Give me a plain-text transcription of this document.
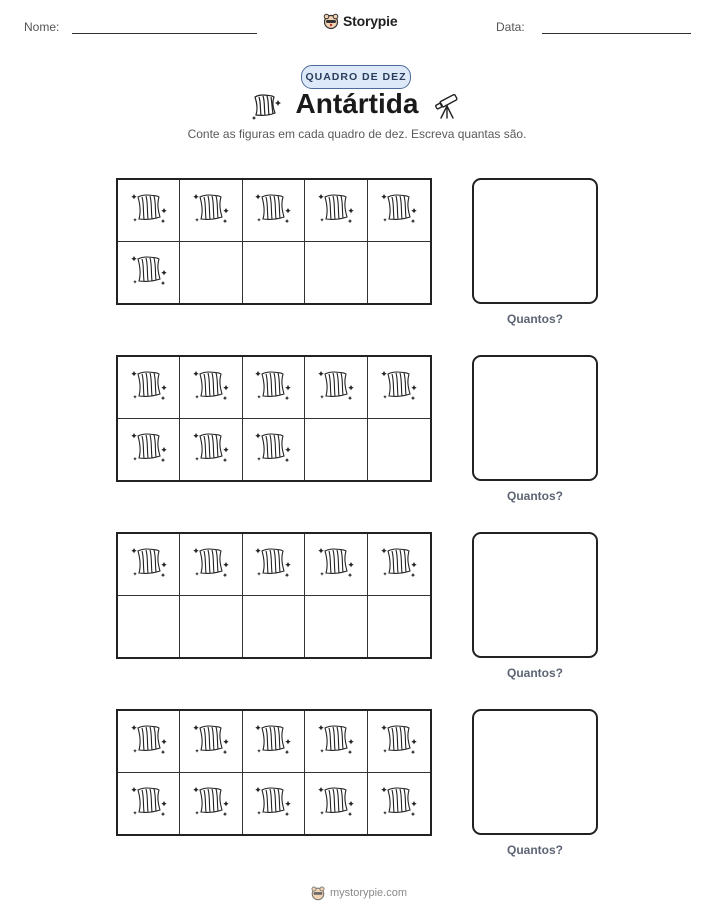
Nome:	Storypie	Data:
QUADRO DE DEZ
Antártida
Conte as figuras em cada quadro de dez. Escreva quantas são.
Quantos?
Quantos?
Quantos?
Quantos?
mystorypie.com
